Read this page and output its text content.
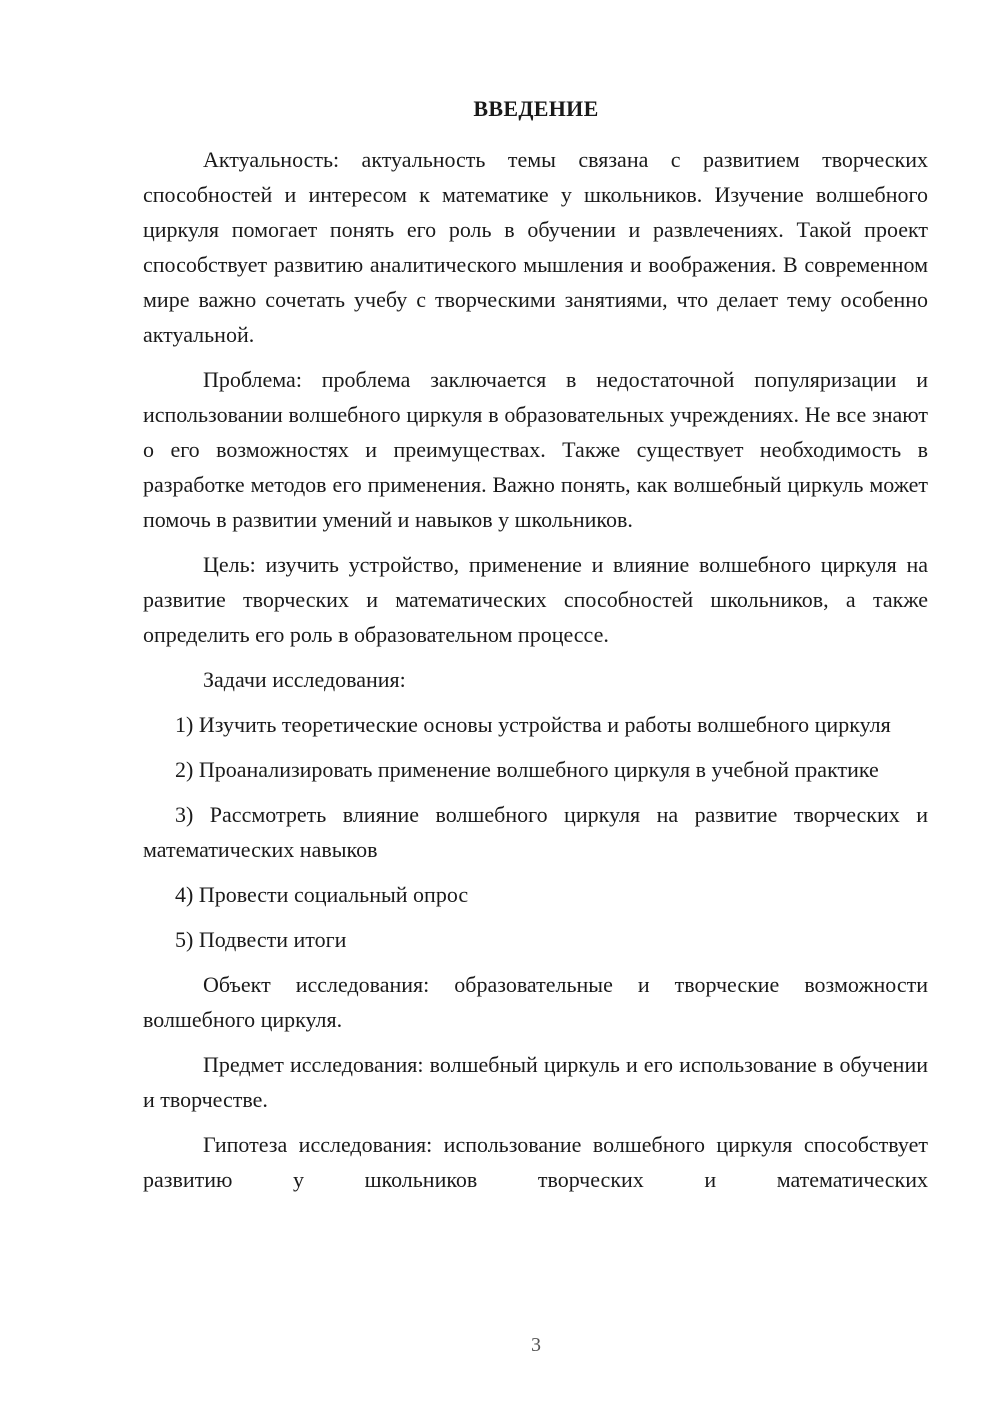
ВВЕДЕНИЕ

Актуальность: актуальность темы связана с развитием творческих способностей и интересом к математике у школьников. Изучение волшебного циркуля помогает понять его роль в обучении и развлечениях. Такой проект способствует развитию аналитического мышления и воображения. В современном мире важно сочетать учебу с творческими занятиями, что делает тему особенно актуальной.

Проблема: проблема заключается в недостаточной популяризации и использовании волшебного циркуля в образовательных учреждениях. Не все знают о его возможностях и преимуществах. Также существует необходимость в разработке методов его применения. Важно понять, как волшебный циркуль может помочь в развитии умений и навыков у школьников.

Цель: изучить устройство, применение и влияние волшебного циркуля на развитие творческих и математических способностей школьников, а также определить его роль в образовательном процессе.

Задачи исследования:

1) Изучить теоретические основы устройства и работы волшебного циркуля

2) Проанализировать применение волшебного циркуля в учебной практике

3) Рассмотреть влияние волшебного циркуля на развитие творческих и математических навыков

4) Провести социальный опрос

5) Подвести итоги

Объект исследования: образовательные и творческие возможности волшебного циркуля.

Предмет исследования: волшебный циркуль и его использование в обучении и творчестве.

Гипотеза исследования: использование волшебного циркуля способствует развитию у школьников творческих и математических

3
